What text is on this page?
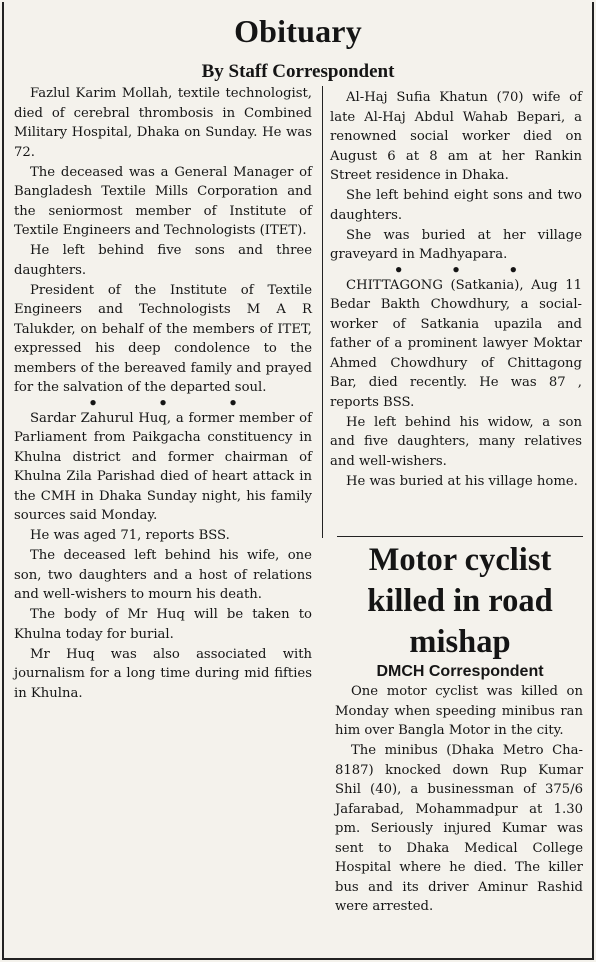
Obituary
By Staff Correspondent

Fazlul Karim Mollah, textile technologist, died of cerebral thrombosis in Combined Military Hospital, Dhaka on Sunday. He was 72.

The deceased was a General Manager of Bangladesh Textile Mills Corporation and the seniormost member of Institute of Textile Engineers and Technologists (ITET).

He left behind five sons and three daughters.

President of the Institute of Textile Engineers and Technologists M A R Talukder, on behalf of the members of ITET, expressed his deep condolence to the members of the bereaved family and prayed for the salvation of the departed soul.

•	•	•

Sardar Zahurul Huq, a former member of Parliament from Paikgacha constituency in Khulna district and former chairman of Khulna Zila Parishad died of heart attack in the CMH in Dhaka Sunday night, his family sources said Monday.

He was aged 71, reports BSS.

The deceased left behind his wife, one son, two daughters and a host of relations and well-wishers to mourn his death.

The body of Mr Huq will be taken to Khulna today for burial.

Mr Huq was also associated with journalism for a long time during mid fifties in Khulna.

Al-Haj Sufia Khatun (70) wife of late Al-Haj Abdul Wahab Bepari, a renowned social worker died on August 6 at 8 am at her Rankin Street residence in Dhaka.

She left behind eight sons and two daughters.

She was buried at her village graveyard in Madhyapara.

•	•	•

CHITTAGONG (Satkania), Aug 11 Bedar Bakth Chowdhury, a social-worker of Satkania upazila and father of a prominent lawyer Moktar Ahmed Chowdhury of Chittagong Bar, died recently. He was 87 , reports BSS.

He left behind his widow, a son and five daughters, many relatives and well-wishers.

He was buried at his village home.

Motor cyclist killed in road mishap
DMCH Correspondent

One motor cyclist was killed on Monday when speeding minibus ran him over Bangla Motor in the city.

The minibus (Dhaka Metro Cha-8187) knocked down Rup Kumar Shil (40), a businessman of 375/6 Jafarabad, Mohammadpur at 1.30 pm. Seriously injured Kumar was sent to Dhaka Medical College Hospital where he died. The killer bus and its driver Aminur Rashid were arrested.
